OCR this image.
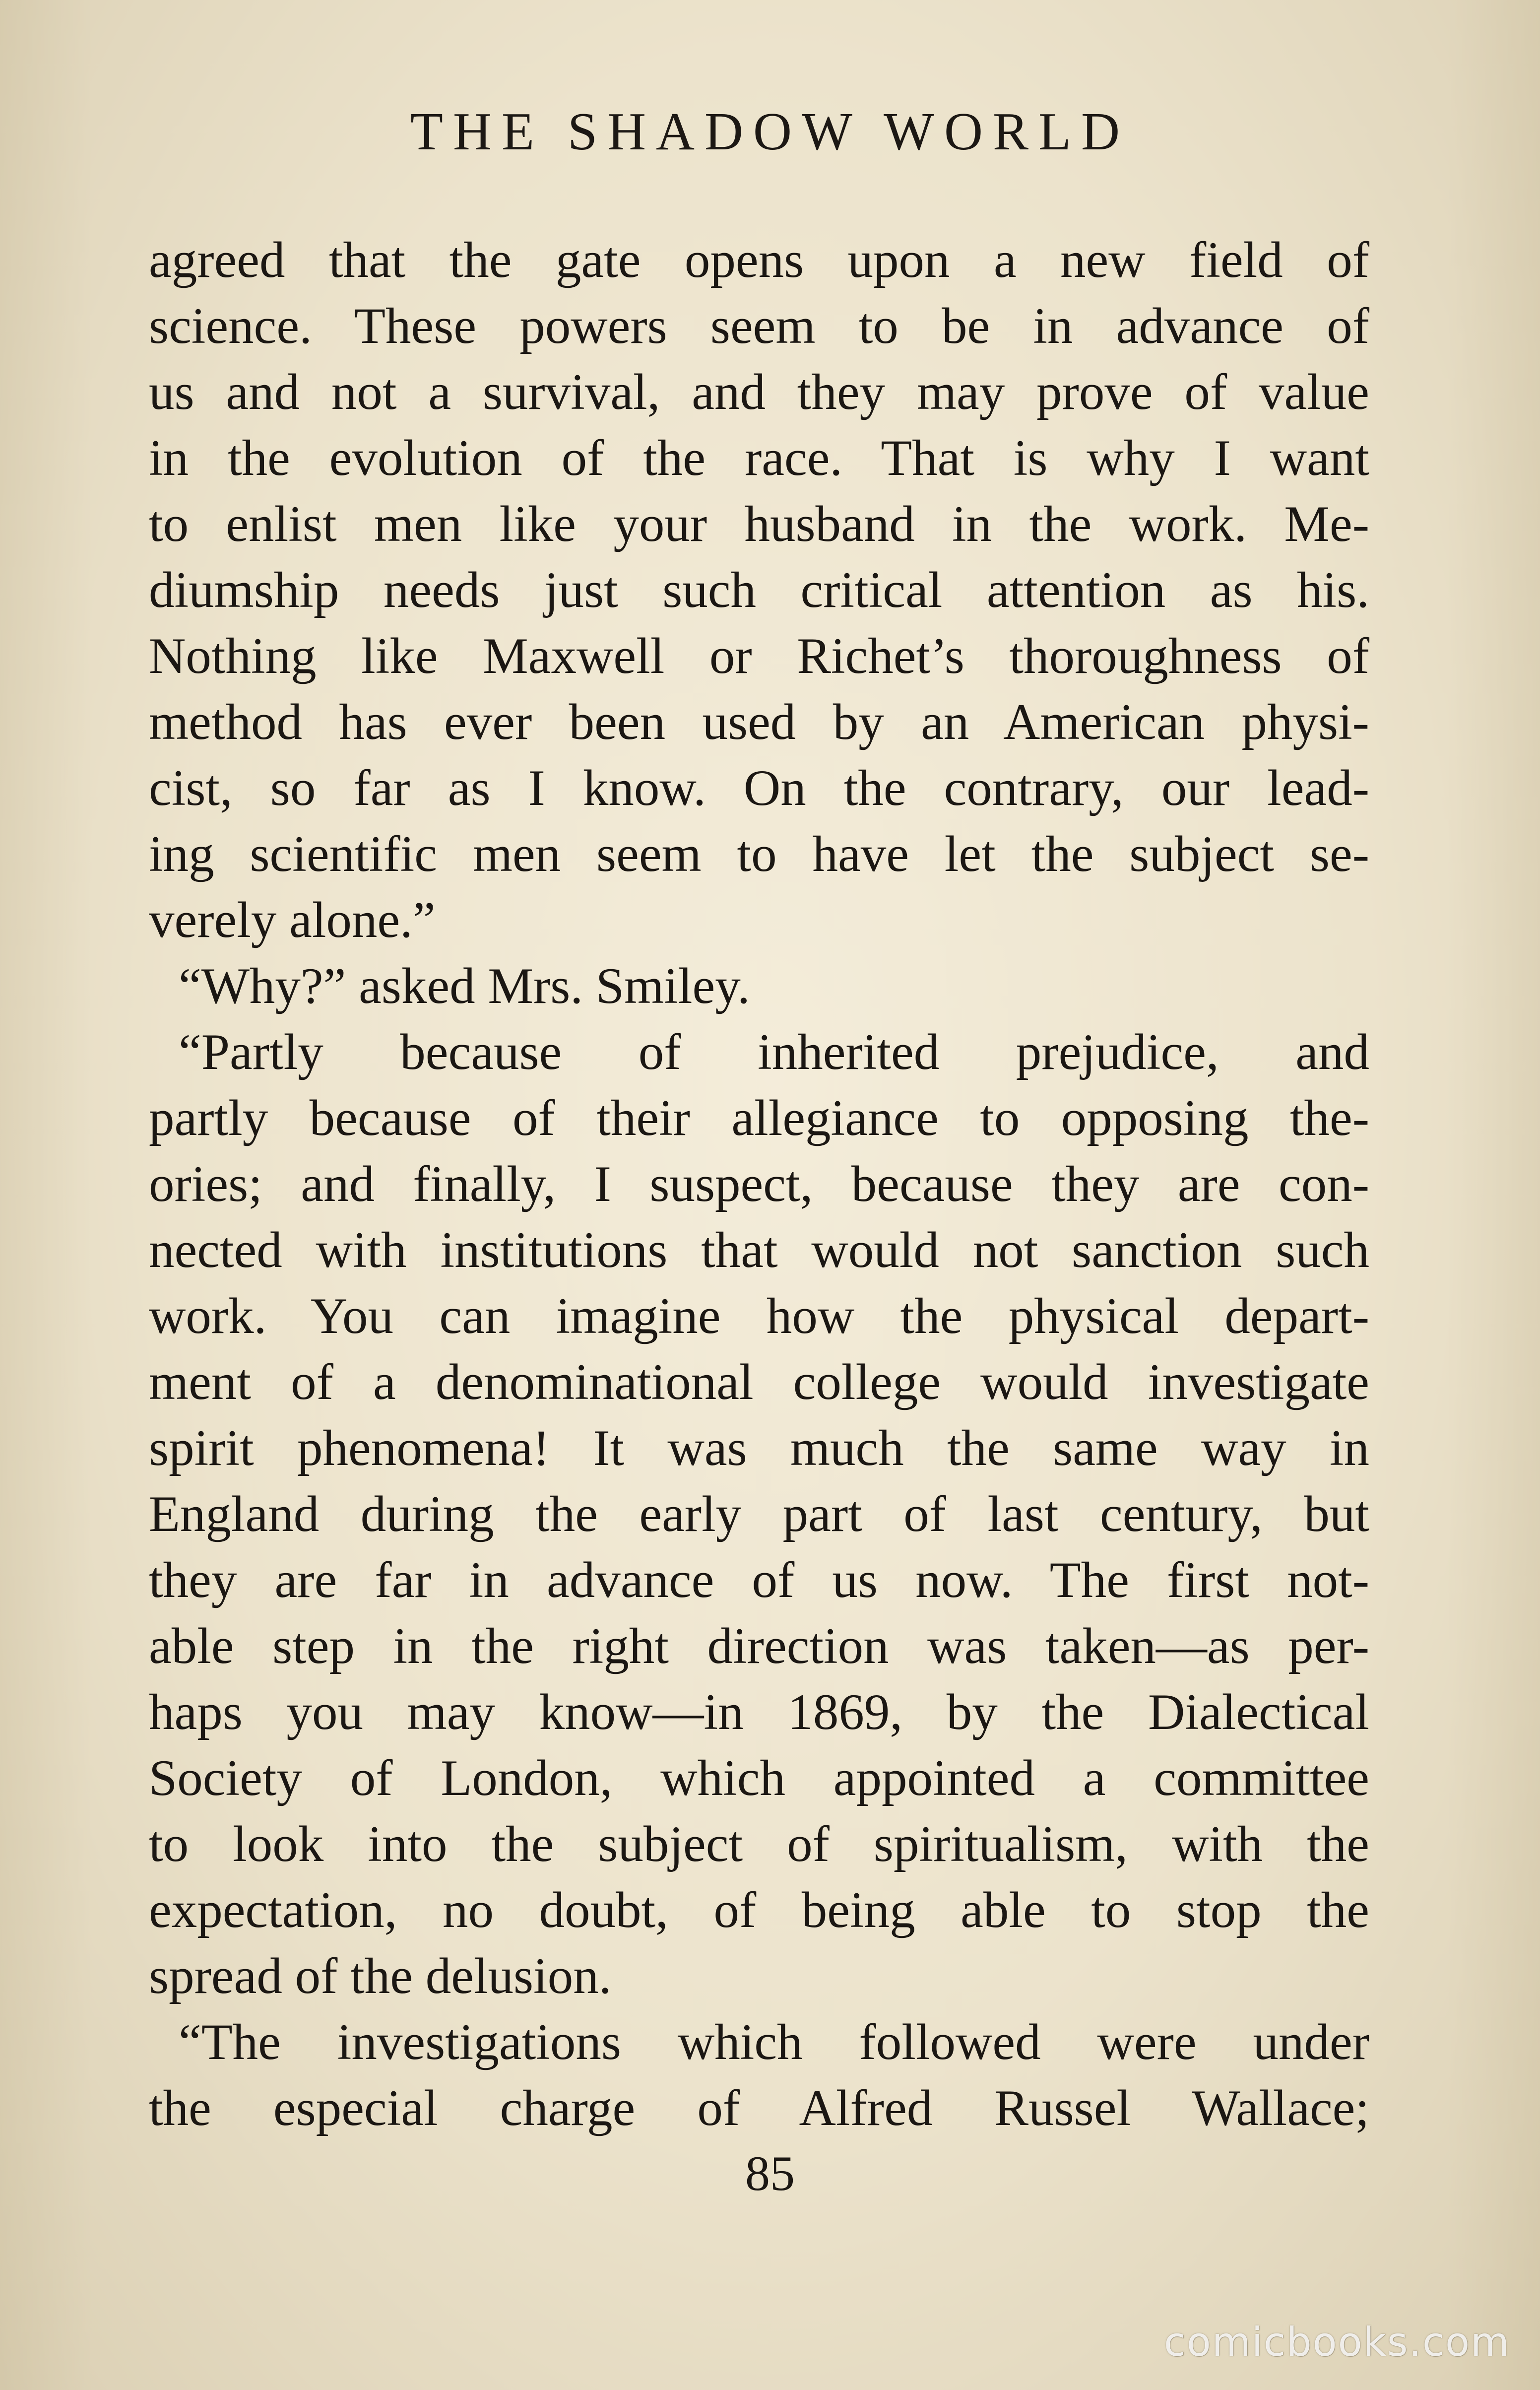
THE SHADOW WORLD
agreed that the gate opens upon a new field of
science. These powers seem to be in advance of
us and not a survival, and they may prove of value
in the evolution of the race. That is why I want
to enlist men like your husband in the work. Me-
diumship needs just such critical attention as his.
Nothing like Maxwell or Richet’s thoroughness of
method has ever been used by an American physi-
cist, so far as I know. On the contrary, our lead-
ing scientific men seem to have let the subject se-
verely alone.”
“Why?” asked Mrs. Smiley.
“Partly because of inherited prejudice, and
partly because of their allegiance to opposing the-
ories; and finally, I suspect, because they are con-
nected with institutions that would not sanction such
work. You can imagine how the physical depart-
ment of a denominational college would investigate
spirit phenomena! It was much the same way in
England during the early part of last century, but
they are far in advance of us now. The first not-
able step in the right direction was taken—as per-
haps you may know—in 1869, by the Dialectical
Society of London, which appointed a committee
to look into the subject of spiritualism, with the
expectation, no doubt, of being able to stop the
spread of the delusion.
“The investigations which followed were under
the especial charge of Alfred Russel Wallace;
85
comicbooks.com
